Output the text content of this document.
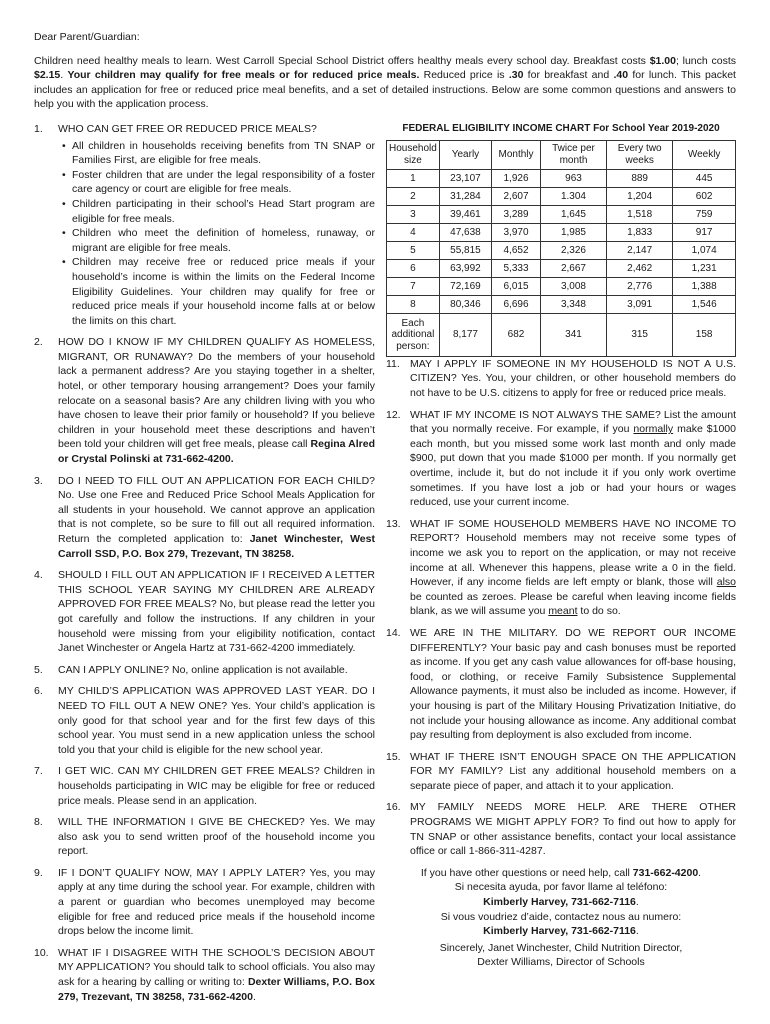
Dear Parent/Guardian:

Children need healthy meals to learn. West Carroll Special School District offers healthy meals every school day. Breakfast costs $1.00; lunch costs $2.15. Your children may qualify for free meals or for reduced price meals. Reduced price is .30 for breakfast and .40 for lunch. This packet includes an application for free or reduced price meal benefits, and a set of detailed instructions. Below are some common questions and answers to help you with the application process.

1. WHO CAN GET FREE OR REDUCED PRICE MEALS?
• All children in households receiving benefits from TN SNAP or Families First, are eligible for free meals.
• Foster children that are under the legal responsibility of a foster care agency or court are eligible for free meals.
• Children participating in their school’s Head Start program are eligible for free meals.
• Children who meet the definition of homeless, runaway, or migrant are eligible for free meals.
• Children may receive free or reduced price meals if your household’s income is within the limits on the Federal Income Eligibility Guidelines. Your children may qualify for free or reduced price meals if your household income falls at or below the limits on this chart.
2. HOW DO I KNOW IF MY CHILDREN QUALIFY AS HOMELESS, MIGRANT, OR RUNAWAY? Do the members of your household lack a permanent address? Are you staying together in a shelter, hotel, or other temporary housing arrangement? Does your family relocate on a seasonal basis? Are any children living with you who have chosen to leave their prior family or household? If you believe children in your household meet these descriptions and haven’t been told your children will get free meals, please call Regina Alred or Crystal Polinski at 731-662-4200.
3. DO I NEED TO FILL OUT AN APPLICATION FOR EACH CHILD? No. Use one Free and Reduced Price School Meals Application for all students in your household. We cannot approve an application that is not complete, so be sure to fill out all required information. Return the completed application to: Janet Winchester, West Carroll SSD, P.O. Box 279, Trezevant, TN 38258.
4. SHOULD I FILL OUT AN APPLICATION IF I RECEIVED A LETTER THIS SCHOOL YEAR SAYING MY CHILDREN ARE ALREADY APPROVED FOR FREE MEALS? No, but please read the letter you got carefully and follow the instructions. If any children in your household were missing from your eligibility notification, contact Janet Winchester or Angela Hartz at 731-662-4200 immediately.
5. CAN I APPLY ONLINE? No, online application is not available.
6. MY CHILD’S APPLICATION WAS APPROVED LAST YEAR. DO I NEED TO FILL OUT A NEW ONE? Yes. Your child’s application is only good for that school year and for the first few days of this school year. You must send in a new application unless the school told you that your child is eligible for the new school year.
7. I GET WIC. CAN MY CHILDREN GET FREE MEALS? Children in households participating in WIC may be eligible for free or reduced price meals. Please send in an application.
8. WILL THE INFORMATION I GIVE BE CHECKED? Yes. We may also ask you to send written proof of the household income you report.
9. IF I DON’T QUALIFY NOW, MAY I APPLY LATER? Yes, you may apply at any time during the school year. For example, children with a parent or guardian who becomes unemployed may become eligible for free and reduced price meals if the household income drops below the income limit.
10. WHAT IF I DISAGREE WITH THE SCHOOL’S DECISION ABOUT MY APPLICATION? You should talk to school officials. You also may ask for a hearing by calling or writing to: Dexter Williams, P.O. Box 279, Trezevant, TN 38258, 731-662-4200.

FEDERAL ELIGIBILITY INCOME CHART For School Year 2019-2020

Household size	Yearly	Monthly	Twice per month	Every two weeks	Weekly
1	23,107	1,926	963	889	445
2	31,284	2,607	1.304	1,204	602
3	39,461	3,289	1,645	1,518	759
4	47,638	3,970	1,985	1,833	917
5	55,815	4,652	2,326	2,147	1,074
6	63,992	5,333	2,667	2,462	1,231
7	72,169	6,015	3,008	2,776	1,388
8	80,346	6,696	3,348	3,091	1,546
Each additional person:	8,177	682	341	315	158
11. MAY I APPLY IF SOMEONE IN MY HOUSEHOLD IS NOT A U.S. CITIZEN? Yes. You, your children, or other household members do not have to be U.S. citizens to apply for free or reduced price meals.
12. WHAT IF MY INCOME IS NOT ALWAYS THE SAME? List the amount that you normally receive. For example, if you normally make $1000 each month, but you missed some work last month and only made $900, put down that you made $1000 per month. If you normally get overtime, include it, but do not include it if you only work overtime sometimes. If you have lost a job or had your hours or wages reduced, use your current income.
13. WHAT IF SOME HOUSEHOLD MEMBERS HAVE NO INCOME TO REPORT? Household members may not receive some types of income we ask you to report on the application, or may not receive income at all. Whenever this happens, please write a 0 in the field. However, if any income fields are left empty or blank, those will also be counted as zeroes. Please be careful when leaving income fields blank, as we will assume you meant to do so.
14. WE ARE IN THE MILITARY. DO WE REPORT OUR INCOME DIFFERENTLY? Your basic pay and cash bonuses must be reported as income. If you get any cash value allowances for off-base housing, food, or clothing, or receive Family Subsistence Supplemental Allowance payments, it must also be included as income. However, if your housing is part of the Military Housing Privatization Initiative, do not include your housing allowance as income. Any additional combat pay resulting from deployment is also excluded from income.
15. WHAT IF THERE ISN’T ENOUGH SPACE ON THE APPLICATION FOR MY FAMILY? List any additional household members on a separate piece of paper, and attach it to your application.
16. MY FAMILY NEEDS MORE HELP. ARE THERE OTHER PROGRAMS WE MIGHT APPLY FOR? To find out how to apply for TN SNAP or other assistance benefits, contact your local assistance office or call 1-866-311-4287.

If you have other questions or need help, call 731-662-4200.

Si necesita ayuda, por favor llame al teléfono:

Kimberly Harvey, 731-662-7116.

Si vous voudriez d’aide, contactez nous au numero:

Kimberly Harvey, 731-662-7116.

Sincerely, Janet Winchester, Child Nutrition Director,

Dexter Williams, Director of Schools
